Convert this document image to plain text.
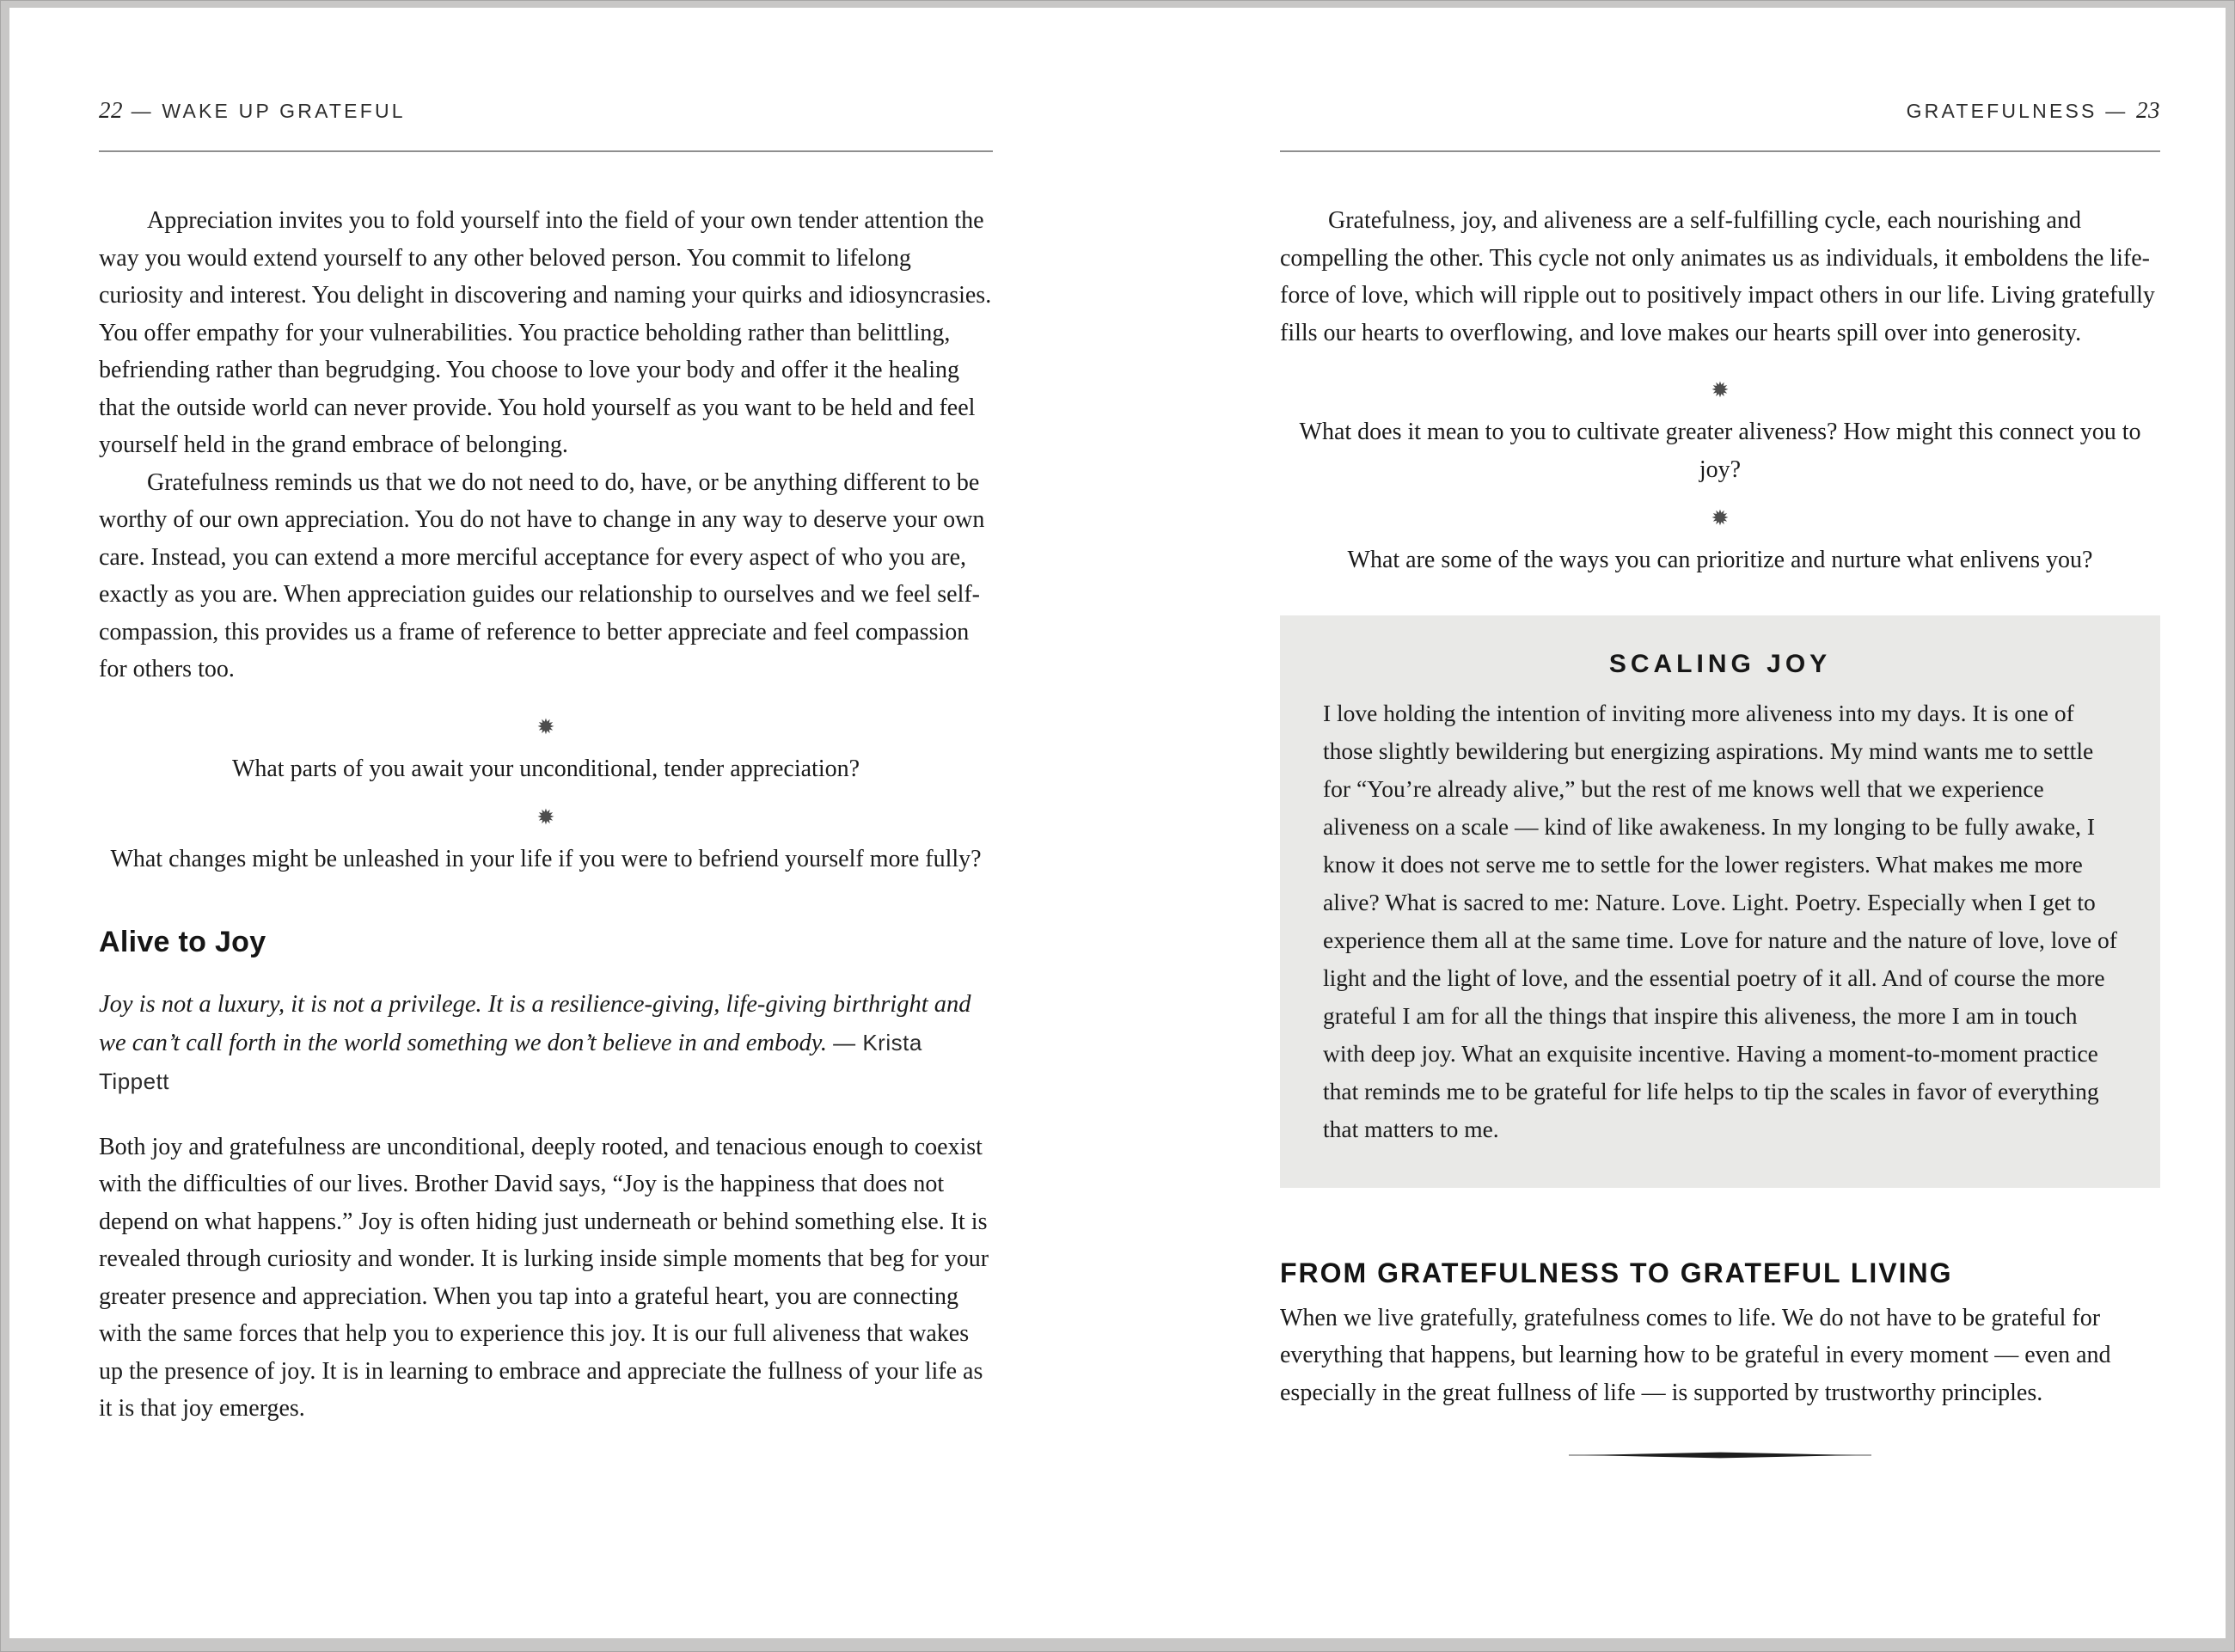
22 — WAKE UP GRATEFUL

Appreciation invites you to fold yourself into the field of your own tender attention the way you would extend yourself to any other beloved person. You commit to lifelong curiosity and interest. You delight in discovering and naming your quirks and idiosyncrasies. You offer empathy for your vulnerabilities. You practice beholding rather than belittling, befriending rather than begrudging. You choose to love your body and offer it the healing that the outside world can never provide. You hold yourself as you want to be held and feel yourself held in the grand embrace of belonging.

Gratefulness reminds us that we do not need to do, have, or be anything different to be worthy of our own appreciation. You do not have to change in any way to deserve your own care. Instead, you can extend a more merciful acceptance for every aspect of who you are, exactly as you are. When appreciation guides our relationship to ourselves and we feel self-compassion, this provides us a frame of reference to better appreciate and feel compassion for others too.

✹

What parts of you await your unconditional, tender appreciation?

✹

What changes might be unleashed in your life if you were to befriend yourself more fully?

Alive to Joy

Joy is not a luxury, it is not a privilege. It is a resilience-giving, life-giving birthright and we can’t call forth in the world something we don’t believe in and embody. — Krista Tippett

Both joy and gratefulness are unconditional, deeply rooted, and tenacious enough to coexist with the difficulties of our lives. Brother David says, “Joy is the happiness that does not depend on what happens.” Joy is often hiding just underneath or behind something else. It is revealed through curiosity and wonder. It is lurking inside simple moments that beg for your greater presence and appreciation. When you tap into a grateful heart, you are connecting with the same forces that help you to experience this joy. It is our full aliveness that wakes up the presence of joy. It is in learning to embrace and appreciate the fullness of your life as it is that joy emerges.

GRATEFULNESS — 23

Gratefulness, joy, and aliveness are a self-fulfilling cycle, each nourishing and compelling the other. This cycle not only animates us as individuals, it emboldens the life-force of love, which will ripple out to positively impact others in our life. Living gratefully fills our hearts to overflowing, and love makes our hearts spill over into generosity.

✹

What does it mean to you to cultivate greater aliveness? How might this connect you to joy?

✹

What are some of the ways you can prioritize and nurture what enlivens you?

SCALING JOY

I love holding the intention of inviting more aliveness into my days. It is one of those slightly bewildering but energizing aspirations. My mind wants me to settle for “You’re already alive,” but the rest of me knows well that we experience aliveness on a scale — kind of like awakeness. In my longing to be fully awake, I know it does not serve me to settle for the lower registers. What makes me more alive? What is sacred to me: Nature. Love. Light. Poetry. Especially when I get to experience them all at the same time. Love for nature and the nature of love, love of light and the light of love, and the essential poetry of it all. And of course the more grateful I am for all the things that inspire this aliveness, the more I am in touch with deep joy. What an exquisite incentive. Having a moment-to-moment practice that reminds me to be grateful for life helps to tip the scales in favor of everything that matters to me.

FROM GRATEFULNESS TO GRATEFUL LIVING

When we live gratefully, gratefulness comes to life. We do not have to be grateful for everything that happens, but learning how to be grateful in every moment — even and especially in the great fullness of life — is supported by trustworthy principles.
